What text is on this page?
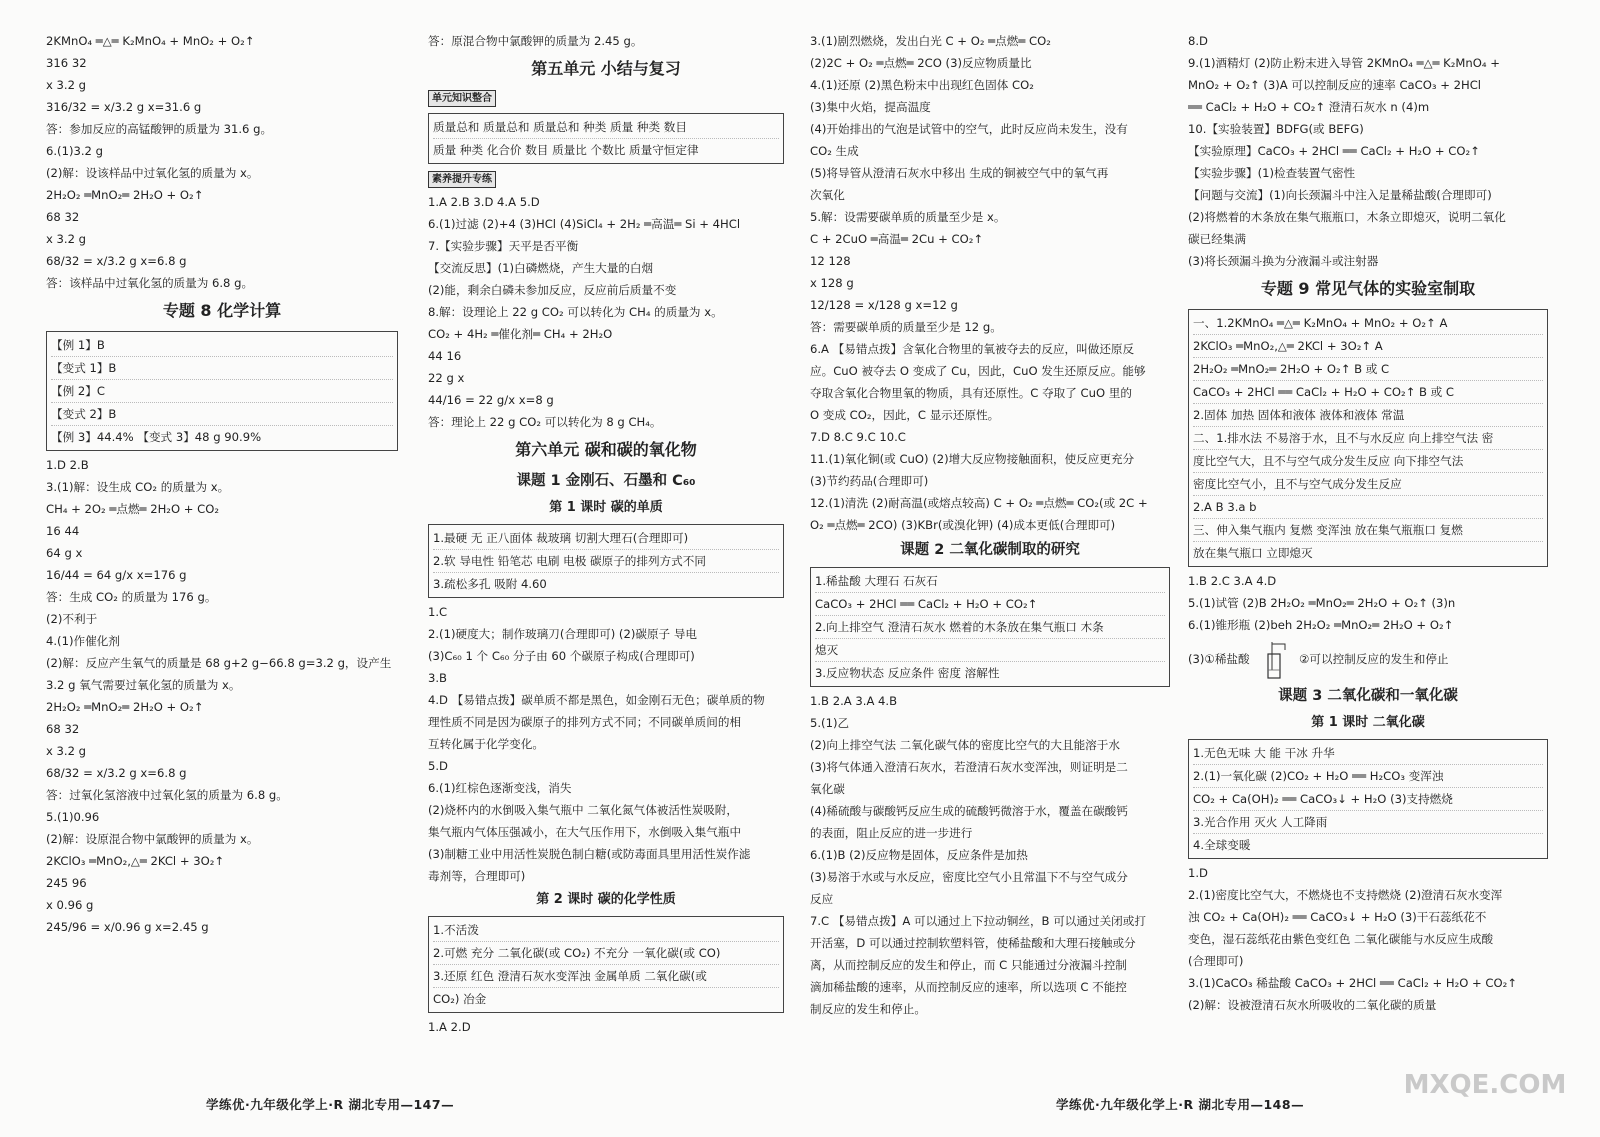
2KMnO₄ ═△═ K₂MnO₄ + MnO₂ + O₂↑
316 32
x 3.2 g
316/32 = x/3.2 g x=31.6 g
答：参加反应的高锰酸钾的质量为 31.6 g。
6.(1)3.2 g
(2)解：设该样品中过氧化氢的质量为 x。
2H₂O₂ ═MnO₂═ 2H₂O + O₂↑
68 32
x 3.2 g
68/32 = x/3.2 g x=6.8 g
答：该样品中过氧化氢的质量为 6.8 g。
专题 8 化学计算
【例 1】B
【变式 1】B
【例 2】C
【变式 2】B
【例 3】44.4% 【变式 3】48 g 90.9%
1.D 2.B
3.(1)解：设生成 CO₂ 的质量为 x。
CH₄ + 2O₂ ═点燃═ 2H₂O + CO₂
16 44
64 g x
16/44 = 64 g/x x=176 g
答：生成 CO₂ 的质量为 176 g。
(2)不利于
4.(1)作催化剂
(2)解：反应产生氧气的质量是 68 g+2 g−66.8 g=3.2 g，设产生
3.2 g 氧气需要过氧化氢的质量为 x。
2H₂O₂ ═MnO₂═ 2H₂O + O₂↑
68 32
x 3.2 g
68/32 = x/3.2 g x=6.8 g
答：过氧化氢溶液中过氧化氢的质量为 6.8 g。
5.(1)0.96
(2)解：设原混合物中氯酸钾的质量为 x。
2KClO₃ ═MnO₂,△═ 2KCl + 3O₂↑
245 96
x 0.96 g
245/96 = x/0.96 g x=2.45 g
答：原混合物中氯酸钾的质量为 2.45 g。
第五单元 小结与复习
单元知识整合
质量总和 质量总和 质量总和 种类 质量 种类 数目
质量 种类 化合价 数目 质量比 个数比 质量守恒定律
素养提升专练
1.A 2.B 3.D 4.A 5.D
6.(1)过滤 (2)+4 (3)HCl (4)SiCl₄ + 2H₂ ═高温═ Si + 4HCl
7.【实验步骤】天平是否平衡
【交流反思】(1)白磷燃烧，产生大量的白烟
(2)能，剩余白磷未参加反应，反应前后质量不变
8.解：设理论上 22 g CO₂ 可以转化为 CH₄ 的质量为 x。
CO₂ + 4H₂ ═催化剂═ CH₄ + 2H₂O
44 16
22 g x
44/16 = 22 g/x x=8 g
答：理论上 22 g CO₂ 可以转化为 8 g CH₄。
第六单元 碳和碳的氧化物
课题 1 金刚石、石墨和 C₆₀
第 1 课时 碳的单质
1.最硬 无 正八面体 裁玻璃 切割大理石(合理即可)
2.软 导电性 铅笔芯 电刷 电极 碳原子的排列方式不同
3.疏松多孔 吸附 4.60
1.C
2.(1)硬度大；制作玻璃刀(合理即可) (2)碳原子 导电
(3)C₆₀ 1 个 C₆₀ 分子由 60 个碳原子构成(合理即可)
3.B
4.D 【易错点拨】碳单质不都是黑色，如金刚石无色；碳单质的物
理性质不同是因为碳原子的排列方式不同；不同碳单质间的相
互转化属于化学变化。
5.D
6.(1)红棕色逐渐变浅，消失
(2)烧杯内的水倒吸入集气瓶中 二氧化氮气体被活性炭吸附，
集气瓶内气体压强减小，在大气压作用下，水倒吸入集气瓶中
(3)制糖工业中用活性炭脱色制白糖(或防毒面具里用活性炭作滤
毒剂等，合理即可)
第 2 课时 碳的化学性质
1.不活泼
2.可燃 充分 二氧化碳(或 CO₂) 不充分 一氧化碳(或 CO)
3.还原 红色 澄清石灰水变浑浊 金属单质 二氧化碳(或
CO₂) 冶金
1.A 2.D
3.(1)剧烈燃烧，发出白光 C + O₂ ═点燃═ CO₂
(2)2C + O₂ ═点燃═ 2CO (3)反应物质量比
4.(1)还原 (2)黑色粉末中出现红色固体 CO₂
(3)集中火焰，提高温度
(4)开始排出的气泡是试管中的空气，此时反应尚未发生，没有
CO₂ 生成
(5)将导管从澄清石灰水中移出 生成的铜被空气中的氧气再
次氧化
5.解：设需要碳单质的质量至少是 x。
C + 2CuO ═高温═ 2Cu + CO₂↑
12 128
x 128 g
12/128 = x/128 g x=12 g
答：需要碳单质的质量至少是 12 g。
6.A 【易错点拨】含氧化合物里的氧被夺去的反应，叫做还原反
应。CuO 被夺去 O 变成了 Cu，因此，CuO 发生还原反应。能够
夺取含氧化合物里氧的物质，具有还原性。C 夺取了 CuO 里的
O 变成 CO₂，因此，C 显示还原性。
7.D 8.C 9.C 10.C
11.(1)氧化铜(或 CuO) (2)增大反应物接触面积，使反应更充分
(3)节约药品(合理即可)
12.(1)清洗 (2)耐高温(或熔点较高) C + O₂ ═点燃═ CO₂(或 2C +
O₂ ═点燃═ 2CO) (3)KBr(或溴化钾) (4)成本更低(合理即可)
课题 2 二氧化碳制取的研究
1.稀盐酸 大理石 石灰石
CaCO₃ + 2HCl ══ CaCl₂ + H₂O + CO₂↑
2.向上排空气 澄清石灰水 燃着的木条放在集气瓶口 木条
熄灭
3.反应物状态 反应条件 密度 溶解性
1.B 2.A 3.A 4.B
5.(1)乙
(2)向上排空气法 二氧化碳气体的密度比空气的大且能溶于水
(3)将气体通入澄清石灰水，若澄清石灰水变浑浊，则证明是二
氧化碳
(4)稀硫酸与碳酸钙反应生成的硫酸钙微溶于水，覆盖在碳酸钙
的表面，阻止反应的进一步进行
6.(1)B (2)反应物是固体，反应条件是加热
(3)易溶于水或与水反应，密度比空气小且常温下不与空气成分
反应
7.C 【易错点拨】A 可以通过上下拉动铜丝，B 可以通过关闭或打
开活塞，D 可以通过控制软塑料管，使稀盐酸和大理石接触或分
离，从而控制反应的发生和停止，而 C 只能通过分液漏斗控制
滴加稀盐酸的速率，从而控制反应的速率，所以选项 C 不能控
制反应的发生和停止。
8.D
9.(1)酒精灯 (2)防止粉末进入导管 2KMnO₄ ═△═ K₂MnO₄ +
MnO₂ + O₂↑ (3)A 可以控制反应的速率 CaCO₃ + 2HCl
══ CaCl₂ + H₂O + CO₂↑ 澄清石灰水 n (4)m
10.【实验装置】BDFG(或 BEFG)
【实验原理】CaCO₃ + 2HCl ══ CaCl₂ + H₂O + CO₂↑
【实验步骤】(1)检查装置气密性
【问题与交流】(1)向长颈漏斗中注入足量稀盐酸(合理即可)
(2)将燃着的木条放在集气瓶瓶口，木条立即熄灭，说明二氧化
碳已经集满
(3)将长颈漏斗换为分液漏斗或注射器
专题 9 常见气体的实验室制取
一、1.2KMnO₄ ═△═ K₂MnO₄ + MnO₂ + O₂↑ A
2KClO₃ ═MnO₂,△═ 2KCl + 3O₂↑ A
2H₂O₂ ═MnO₂═ 2H₂O + O₂↑ B 或 C
CaCO₃ + 2HCl ══ CaCl₂ + H₂O + CO₂↑ B 或 C
2.固体 加热 固体和液体 液体和液体 常温
二、1.排水法 不易溶于水，且不与水反应 向上排空气法 密
度比空气大，且不与空气成分发生反应 向下排空气法
密度比空气小，且不与空气成分发生反应
2.A B 3.a b
三、伸入集气瓶内 复燃 变浑浊 放在集气瓶瓶口 复燃
放在集气瓶口 立即熄灭
1.B 2.C 3.A 4.D
5.(1)试管 (2)B 2H₂O₂ ═MnO₂═ 2H₂O + O₂↑ (3)n
6.(1)锥形瓶 (2)beh 2H₂O₂ ═MnO₂═ 2H₂O + O₂↑
(3)①稀盐酸	②可以控制反应的发生和停止
课题 3 二氧化碳和一氧化碳
第 1 课时 二氧化碳
1.无色无味 大 能 干冰 升华
2.(1)一氧化碳 (2)CO₂ + H₂O ══ H₂CO₃ 变浑浊
CO₂ + Ca(OH)₂ ══ CaCO₃↓ + H₂O (3)支持燃烧
3.光合作用 灭火 人工降雨
4.全球变暖
1.D
2.(1)密度比空气大，不燃烧也不支持燃烧 (2)澄清石灰水变浑
浊 CO₂ + Ca(OH)₂ ══ CaCO₃↓ + H₂O (3)干石蕊纸花不
变色，湿石蕊纸花由紫色变红色 二氧化碳能与水反应生成酸
(合理即可)
3.(1)CaCO₃ 稀盐酸 CaCO₃ + 2HCl ══ CaCl₂ + H₂O + CO₂↑
(2)解：设被澄清石灰水所吸收的二氧化碳的质量
学练优·九年级化学上·R 湖北专用—147—	学练优·九年级化学上·R 湖北专用—148—
MXQE.COM
